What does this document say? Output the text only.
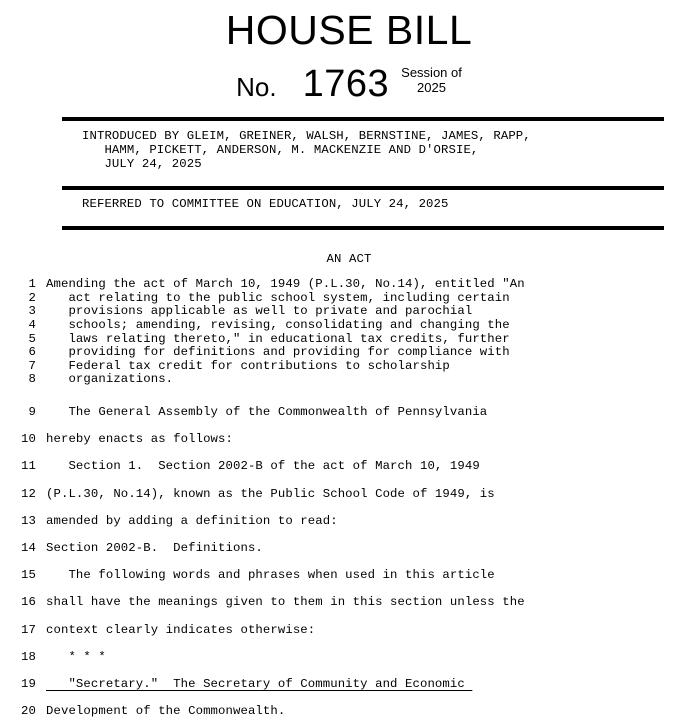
HOUSE BILL
No. 1763 Session of
2025
INTRODUCED BY GLEIM, GREINER, WALSH, BERNSTINE, JAMES, RAPP,
HAMM, PICKETT, ANDERSON, M. MACKENZIE AND D'ORSIE,
JULY 24, 2025
REFERRED TO COMMITTEE ON EDUCATION, JULY 24, 2025
AN ACT
1 Amending the act of March 10, 1949 (P.L.30, No.14), entitled "An
2 act relating to the public school system, including certain
3 provisions applicable as well to private and parochial
4 schools; amending, revising, consolidating and changing the
5 laws relating thereto," in educational tax credits, further
6 providing for definitions and providing for compliance with
7 Federal tax credit for contributions to scholarship
8 organizations.
9 The General Assembly of the Commonwealth of Pennsylvania
10 hereby enacts as follows:
11 Section 1.  Section 2002-B of the act of March 10, 1949
12 (P.L.30, No.14), known as the Public School Code of 1949, is
13 amended by adding a definition to read:
14 Section 2002-B.  Definitions.
15 The following words and phrases when used in this article
16 shall have the meanings given to them in this section unless the
17 context clearly indicates otherwise:
18 * * *
19 "Secretary."  The Secretary of Community and Economic
20 Development of the Commonwealth.
